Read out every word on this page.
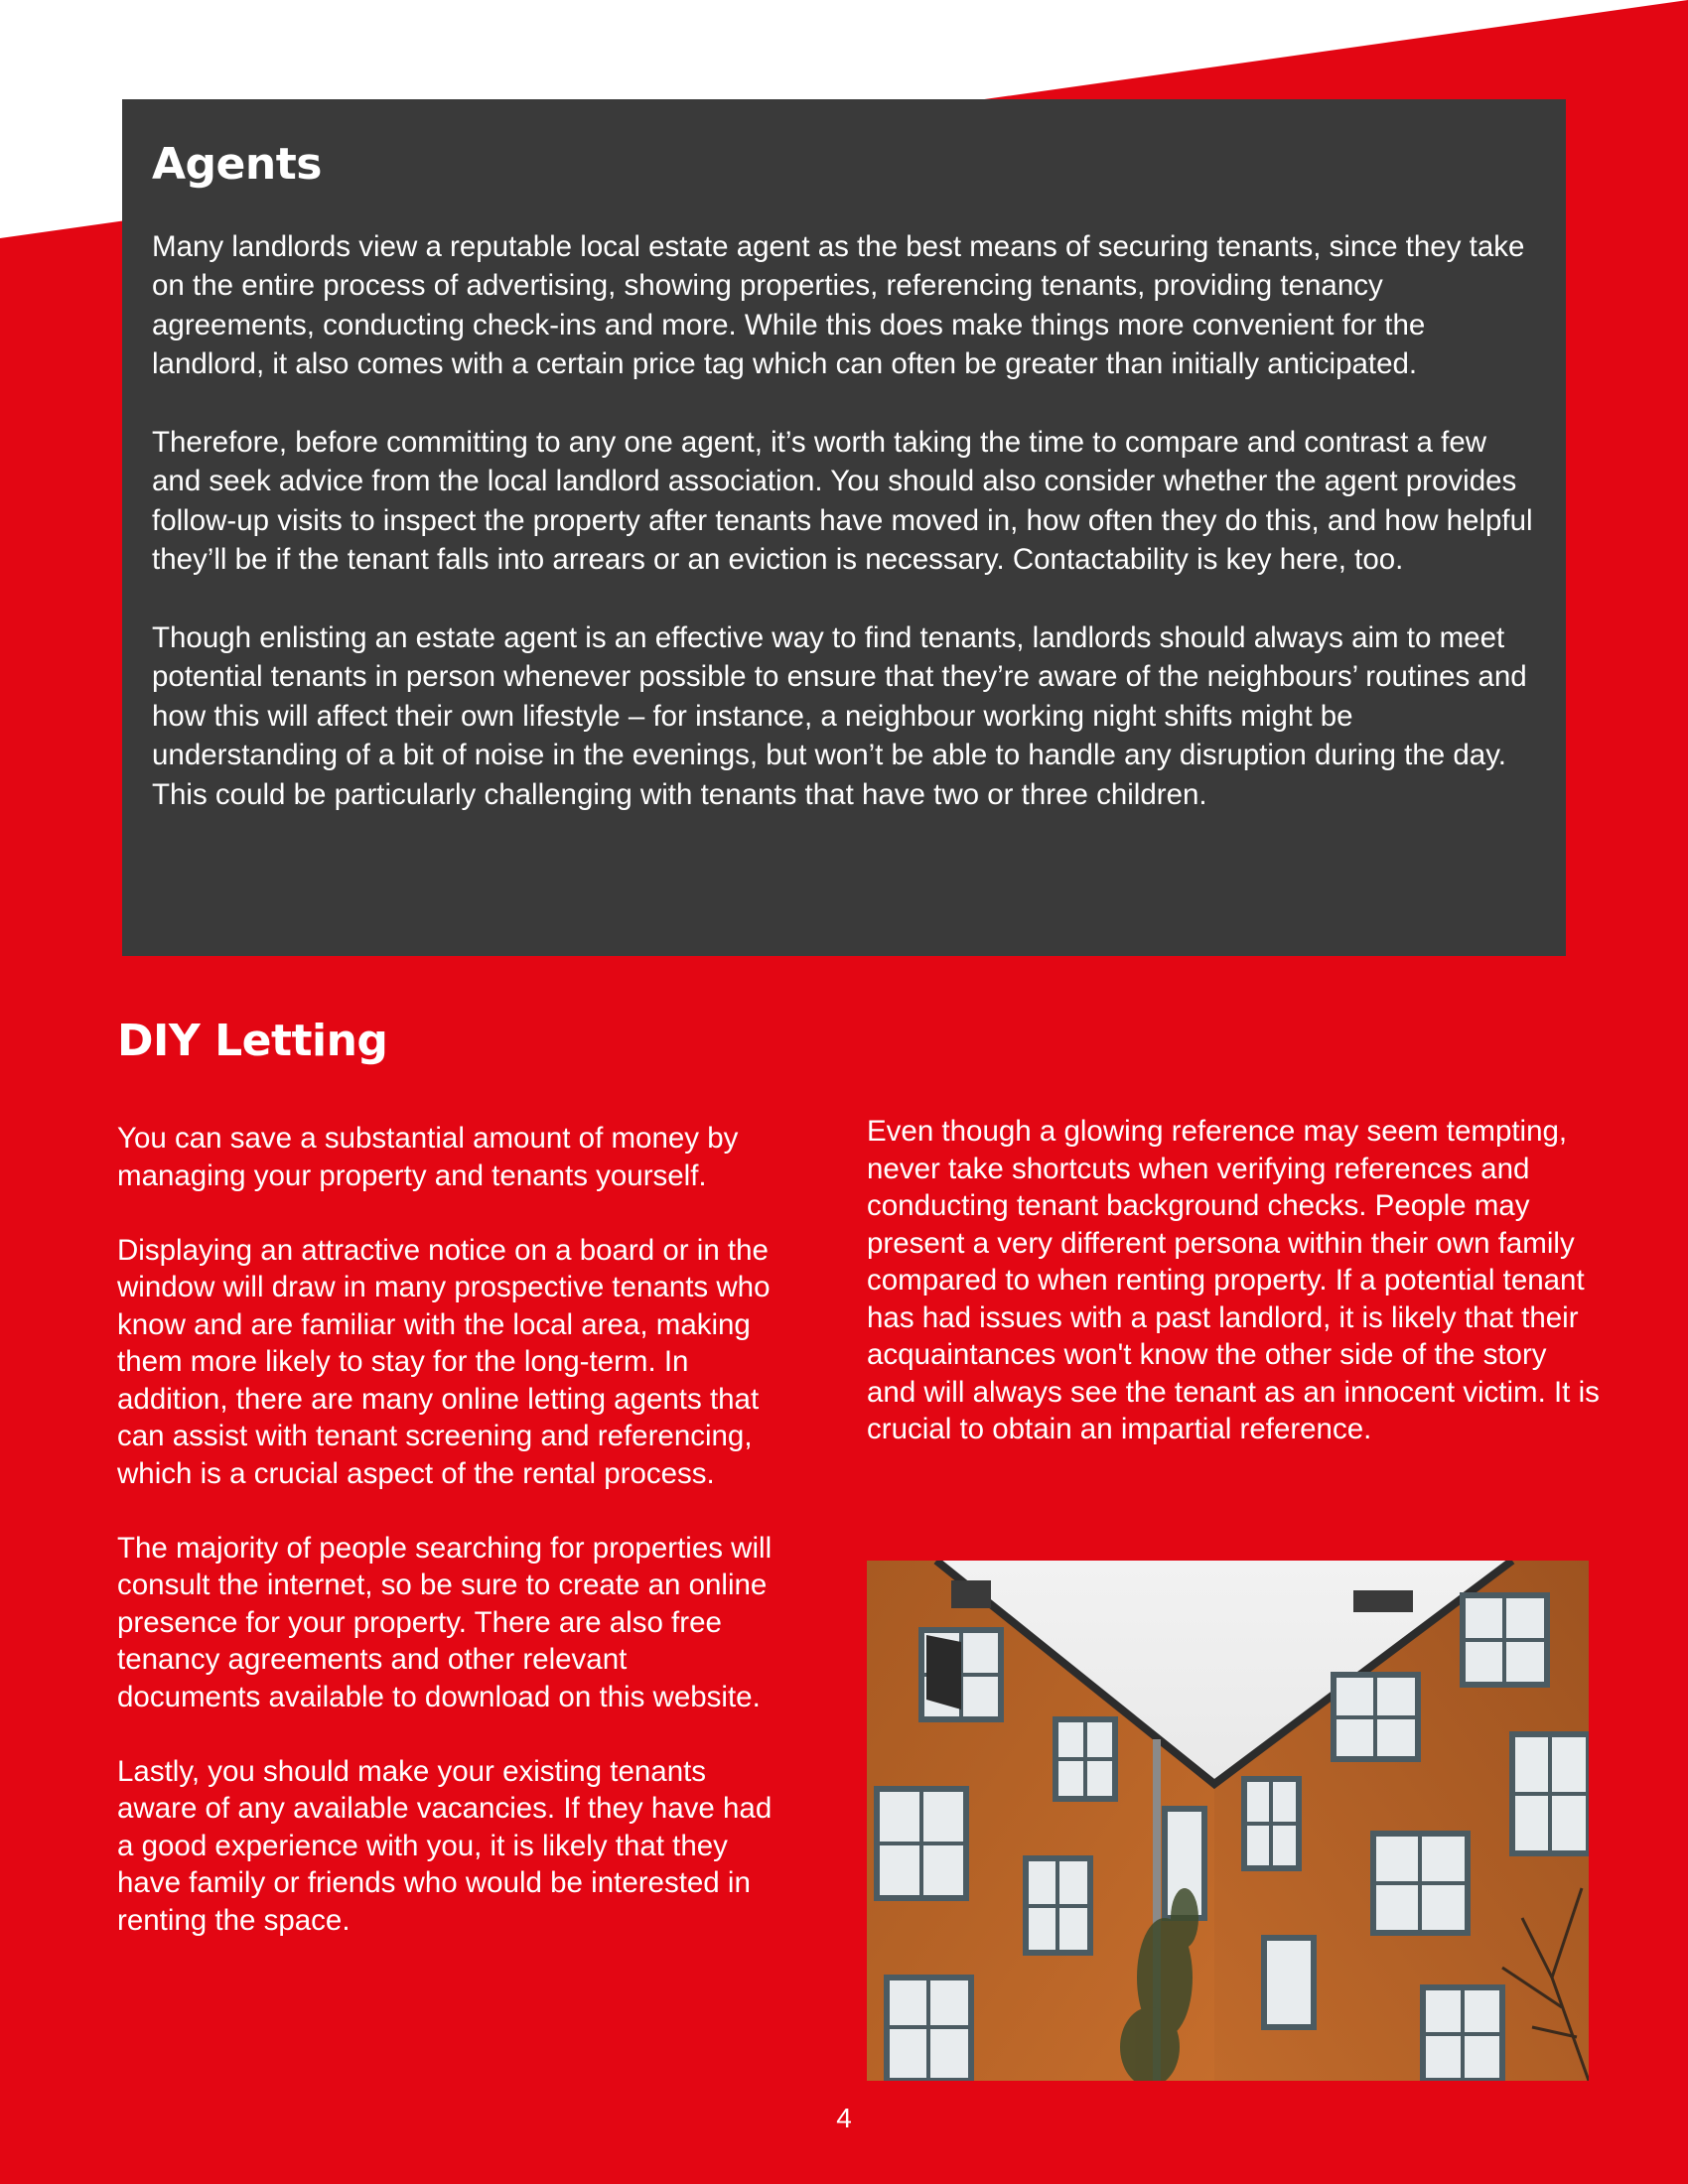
Agents

Many landlords view a reputable local estate agent as the best means of securing tenants, since they take on the entire process of advertising, showing properties, referencing tenants, providing tenancy agreements, conducting check-ins and more. While this does make things more convenient for the landlord, it also comes with a certain price tag which can often be greater than initially anticipated.

Therefore, before committing to any one agent, it’s worth taking the time to compare and contrast a few and seek advice from the local landlord association. You should also consider whether the agent provides follow-up visits to inspect the property after tenants have moved in, how often they do this, and how helpful they’ll be if the tenant falls into arrears or an eviction is necessary. Contactability is key here, too.

Though enlisting an estate agent is an effective way to find tenants, landlords should always aim to meet potential tenants in person whenever possible to ensure that they’re aware of the neighbours’ routines and how this will affect their own lifestyle – for instance, a neighbour working night shifts might be understanding of a bit of noise in the evenings, but won’t be able to handle any disruption during the day. This could be particularly challenging with tenants that have two or three children.

DIY Letting

You can save a substantial amount of money by managing your property and tenants yourself.

Displaying an attractive notice on a board or in the window will draw in many prospective tenants who know and are familiar with the local area, making them more likely to stay for the long-term. In addition, there are many online letting agents that can assist with tenant screening and referencing, which is a crucial aspect of the rental process.

The majority of people searching for properties will consult the internet, so be sure to create an online presence for your property. There are also free tenancy agreements and other relevant documents available to download on this website.

Lastly, you should make your existing tenants aware of any available vacancies. If they have had a good experience with you, it is likely that they have family or friends who would be interested in renting the space.

Even though a glowing reference may seem tempting, never take shortcuts when verifying references and conducting tenant background checks. People may present a very different persona within their own family compared to when renting property. If a potential tenant has had issues with a past landlord, it is likely that their acquaintances won't know the other side of the story and will always see the tenant as an innocent victim. It is crucial to obtain an impartial reference.

4
